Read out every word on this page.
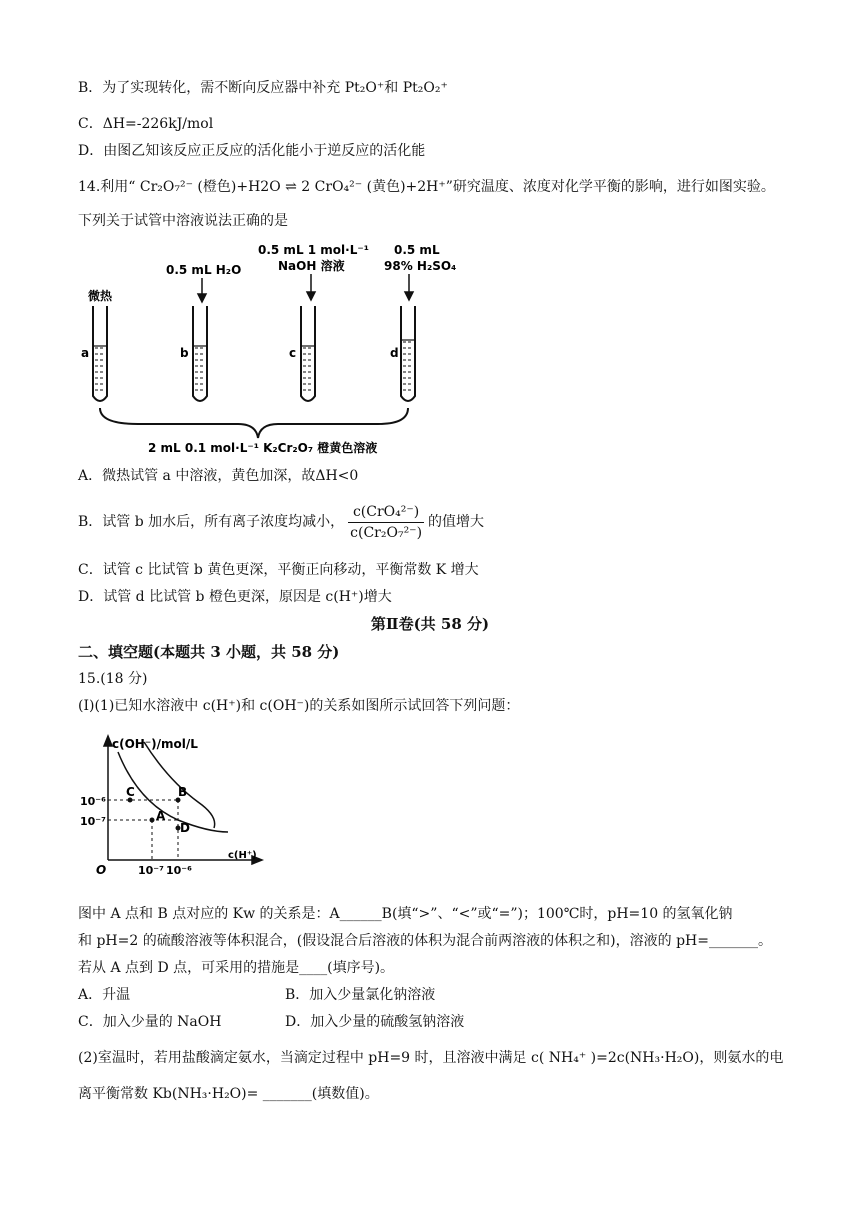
B．为了实现转化，需不断向反应器中补充 Pt₂O⁺和 Pt₂O₂⁺
C．ΔH=-226kJ/mol
D．由图乙知该反应正反应的活化能小于逆反应的活化能
14.利用“ Cr₂O₇²⁻ (橙色)+H2O ⇌ 2 CrO₄²⁻ (黄色)+2H⁺”研究温度、浓度对化学平衡的影响，进行如图实验。
下列关于试管中溶液说法正确的是
微热
0.5 mL H₂O
0.5 mL 1 mol·L⁻¹
NaOH 溶液
0.5 mL
98% H₂SO₄
a	b	c	d
2 mL 0.1 mol·L⁻¹ K₂Cr₂O₇ 橙黄色溶液
A．微热试管 a 中溶液，黄色加深，故ΔH<0
B．试管 b 加水后，所有离子浓度均减小， $\frac{\text{c(CrO₄²⁻)}}{\text{c(Cr₂O₇²⁻)}}$ 的值增大
C．试管 c 比试管 b 黄色更深，平衡正向移动，平衡常数 K 增大
D．试管 d 比试管 b 橙色更深，原因是 c(H⁺)增大
第Ⅱ卷(共 58 分)
二、填空题(本题共 3 小题，共 58 分)
15.(18 分)
(I)(1)已知水溶液中 c(H⁺)和 c(OH⁻)的关系如图所示试回答下列问题：
c(OH⁻)/mol/L
c(H⁺)
O
10⁻⁶
10⁻⁷
10⁻⁷ 10⁻⁶
A
B
C
D
图中 A 点和 B 点对应的 Kw 的关系是：A______B(填“>”、“<”或“=”)；100℃时，pH=10 的氢氧化钠
和 pH=2 的硫酸溶液等体积混合，(假设混合后溶液的体积为混合前两溶液的体积之和)，溶液的 pH=_______。
若从 A 点到 D 点，可采用的措施是____(填序号)。
A．升温	B．加入少量氯化钠溶液
C．加入少量的 NaOH	D．加入少量的硫酸氢钠溶液
(2)室温时，若用盐酸滴定氨水，当滴定过程中 pH=9 时，且溶液中满足 c( NH₄⁺ )=2c(NH₃·H₂O)，则氨水的电
离平衡常数 Kb(NH₃·H₂O)= _______(填数值)。
